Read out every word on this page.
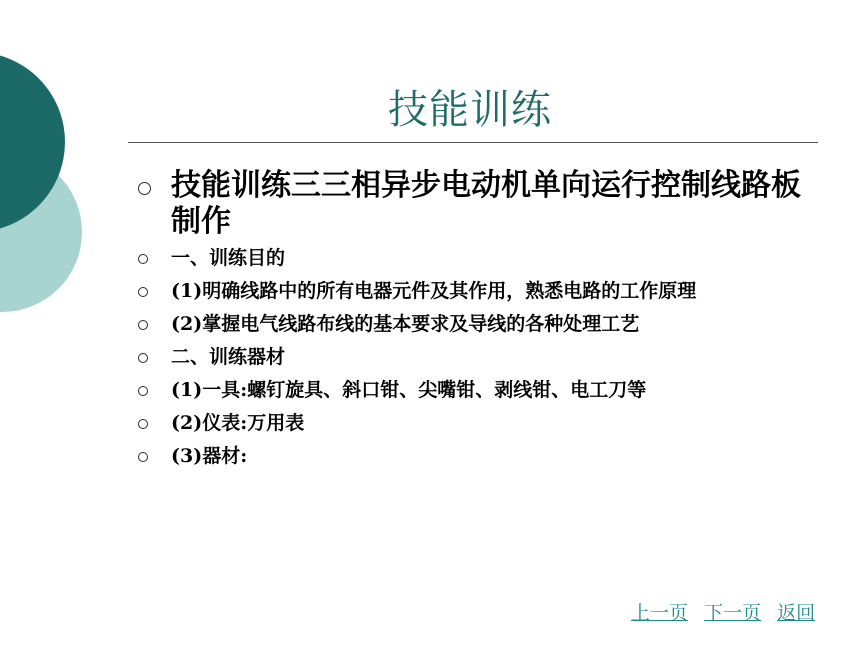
技能训练
技能训练三三相异步电动机单向运行控制线路板制作
一、训练目的
(1)明确线路中的所有电器元件及其作用，熟悉电路的工作原理
(2)掌握电气线路布线的基本要求及导线的各种处理工艺
二、训练器材
(1)一具:螺钉旋具、斜口钳、尖嘴钳、剥线钳、电工刀等
(2)仪表:万用表
(3)器材:
上一页 下一页 返回
